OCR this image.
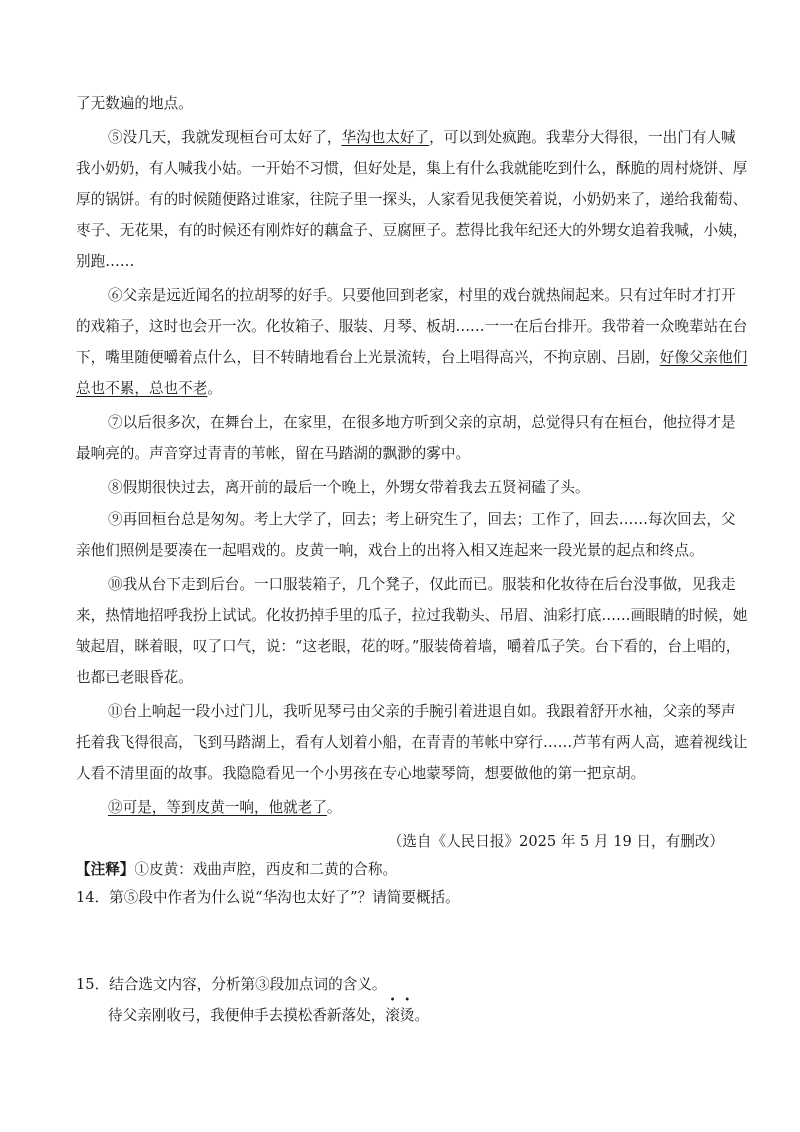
了无数遍的地点。
⑤没几天，我就发现桓台可太好了，华沟也太好了，可以到处疯跑。我辈分大得很，一出门有人喊
我小奶奶，有人喊我小姑。一开始不习惯，但好处是，集上有什么我就能吃到什么，酥脆的周村烧饼、厚
厚的锅饼。有的时候随便路过谁家，往院子里一探头，人家看见我便笑着说，小奶奶来了，递给我葡萄、
枣子、无花果，有的时候还有刚炸好的藕盒子、豆腐匣子。惹得比我年纪还大的外甥女追着我喊，小姨，
别跑……
⑥父亲是远近闻名的拉胡琴的好手。只要他回到老家，村里的戏台就热闹起来。只有过年时才打开
的戏箱子，这时也会开一次。化妆箱子、服装、月琴、板胡……一一在后台排开。我带着一众晚辈站在台
下，嘴里随便嚼着点什么，目不转睛地看台上光景流转，台上唱得高兴，不拘京剧、吕剧，好像父亲他们
总也不累，总也不老。
⑦以后很多次，在舞台上，在家里，在很多地方听到父亲的京胡，总觉得只有在桓台，他拉得才是
最响亮的。声音穿过青青的苇帐，留在马踏湖的飘渺的雾中。
⑧假期很快过去，离开前的最后一个晚上，外甥女带着我去五贤祠磕了头。
⑨再回桓台总是匆匆。考上大学了，回去；考上研究生了，回去；工作了，回去……每次回去，父
亲他们照例是要凑在一起唱戏的。皮黄一响，戏台上的出将入相又连起来一段光景的起点和终点。
⑩我从台下走到后台。一口服装箱子，几个凳子，仅此而已。服装和化妆待在后台没事做，见我走
来，热情地招呼我扮上试试。化妆扔掉手里的瓜子，拉过我勒头、吊眉、油彩打底……画眼睛的时候，她
皱起眉，眯着眼，叹了口气，说：“这老眼，花的呀。”服装倚着墙，嚼着瓜子笑。台下看的，台上唱的，
也都已老眼昏花。
⑪台上响起一段小过门儿，我听见琴弓由父亲的手腕引着进退自如。我跟着舒开水袖，父亲的琴声
托着我飞得很高，飞到马踏湖上，看有人划着小船，在青青的苇帐中穿行……芦苇有两人高，遮着视线让
人看不清里面的故事。我隐隐看见一个小男孩在专心地蒙琴筒，想要做他的第一把京胡。
⑫可是，等到皮黄一响，他就老了。
（选自《人民日报》2025 年 5 月 19 日，有删改）
【注释】①皮黄：戏曲声腔，西皮和二黄的合称。
14．第⑤段中作者为什么说“华沟也太好了”？请简要概括。
15．结合选文内容，分析第③段加点词的含义。
待父亲刚收弓，我便伸手去摸松香新落处，滚烫。
